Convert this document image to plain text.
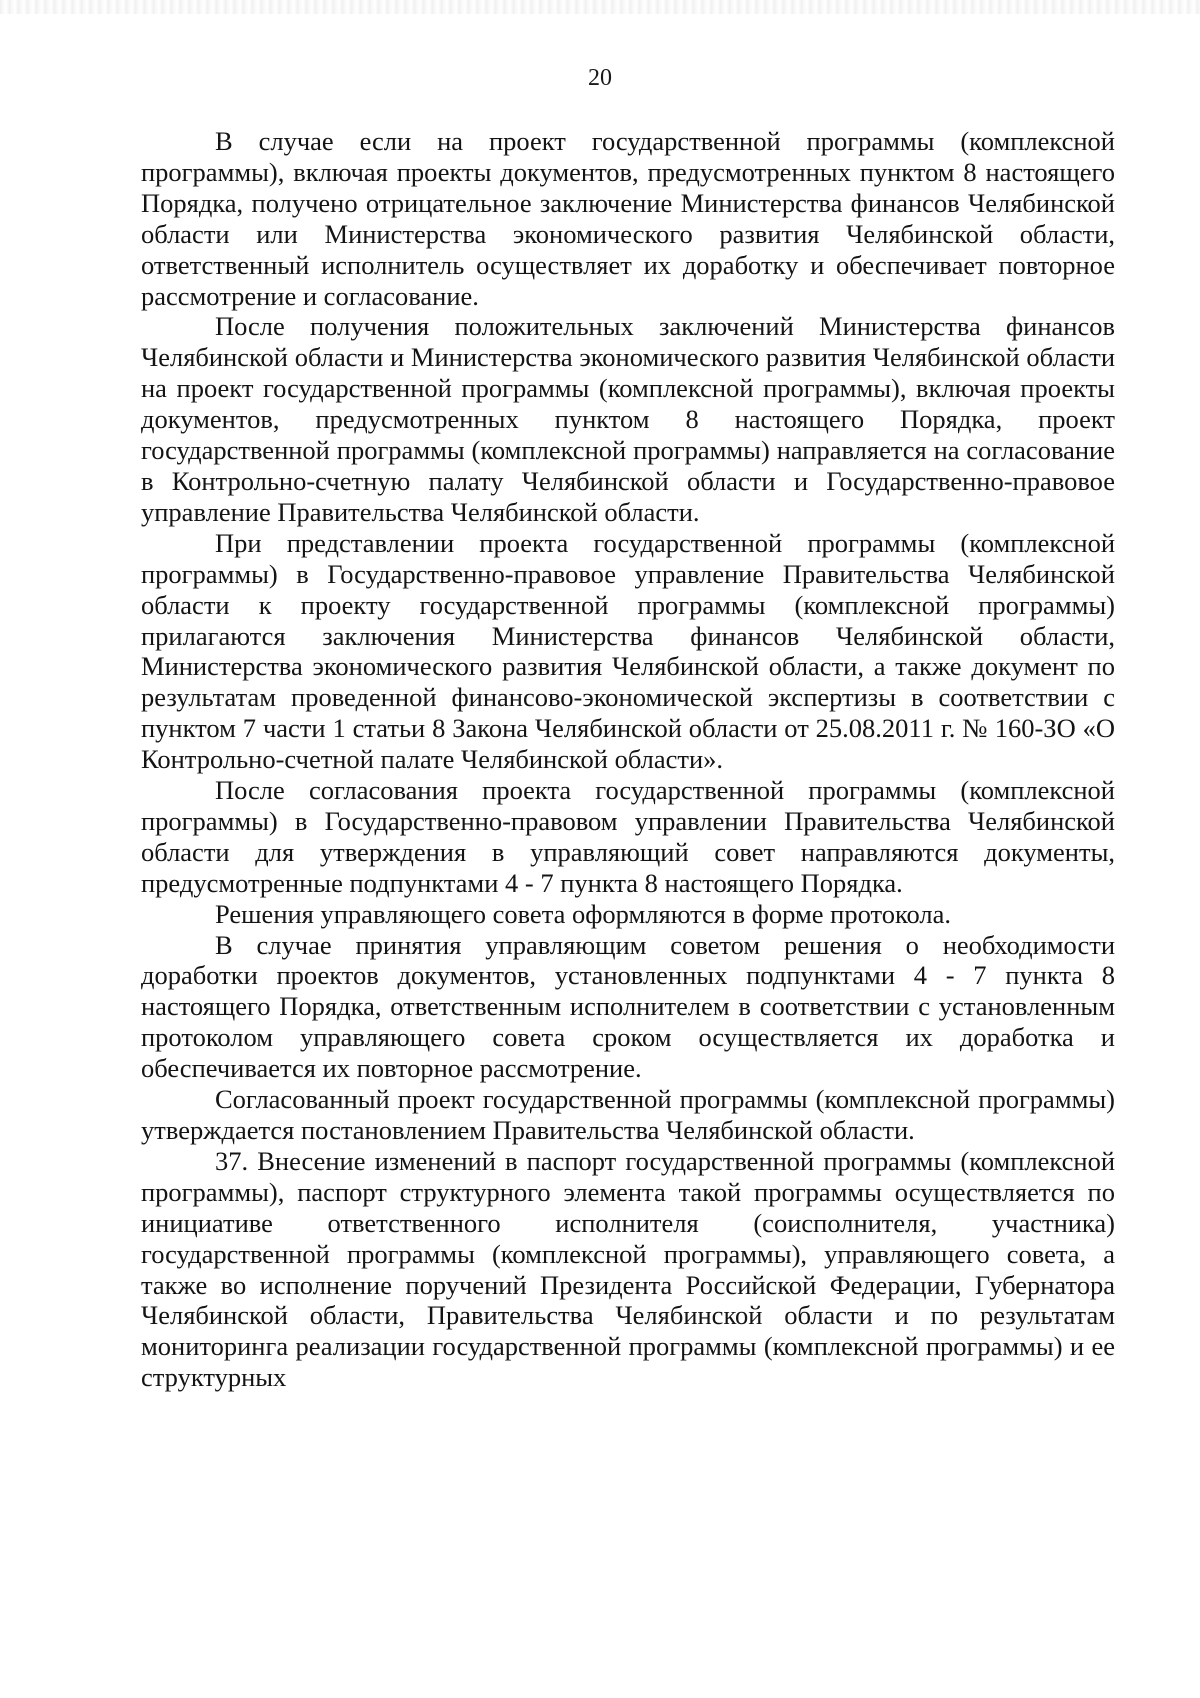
20

В случае если на проект государственной программы (комплексной программы), включая проекты документов, предусмотренных пунктом 8 настоящего Порядка, получено отрицательное заключение Министерства финансов Челябинской области или Министерства экономического развития Челябинской области, ответственный исполнитель осуществляет их доработку и обеспечивает повторное рассмотрение и согласование.

После получения положительных заключений Министерства финансов Челябинской области и Министерства экономического развития Челябинской области на проект государственной программы (комплексной программы), включая проекты документов, предусмотренных пунктом 8 настоящего Порядка, проект государственной программы (комплексной программы) направляется на согласование в Контрольно-счетную палату Челябинской области и Государственно-правовое управление Правительства Челябинской области.

При представлении проекта государственной программы (комплексной программы) в Государственно-правовое управление Правительства Челябинской области к проекту государственной программы (комплексной программы) прилагаются заключения Министерства финансов Челябинской области, Министерства экономического развития Челябинской области, а также документ по результатам проведенной финансово-экономической экспертизы в соответствии с пунктом 7 части 1 статьи 8 Закона Челябинской области от 25.08.2011 г. № 160-ЗО «О Контрольно-счетной палате Челябинской области».

После согласования проекта государственной программы (комплексной программы) в Государственно-правовом управлении Правительства Челябинской области для утверждения в управляющий совет направляются документы, предусмотренные подпунктами 4 - 7 пункта 8 настоящего Порядка.

Решения управляющего совета оформляются в форме протокола.

В случае принятия управляющим советом решения о необходимости доработки проектов документов, установленных подпунктами 4 - 7 пункта 8 настоящего Порядка, ответственным исполнителем в соответствии с установленным протоколом управляющего совета сроком осуществляется их доработка и обеспечивается их повторное рассмотрение.

Согласованный проект государственной программы (комплексной программы) утверждается постановлением Правительства Челябинской области.

37. Внесение изменений в паспорт государственной программы (комплексной программы), паспорт структурного элемента такой программы осуществляется по инициативе ответственного исполнителя (соисполнителя, участника) государственной программы (комплексной программы), управляющего совета, а также во исполнение поручений Президента Российской Федерации, Губернатора Челябинской области, Правительства Челябинской области и по результатам мониторинга реализации государственной программы (комплексной программы) и ее структурных
